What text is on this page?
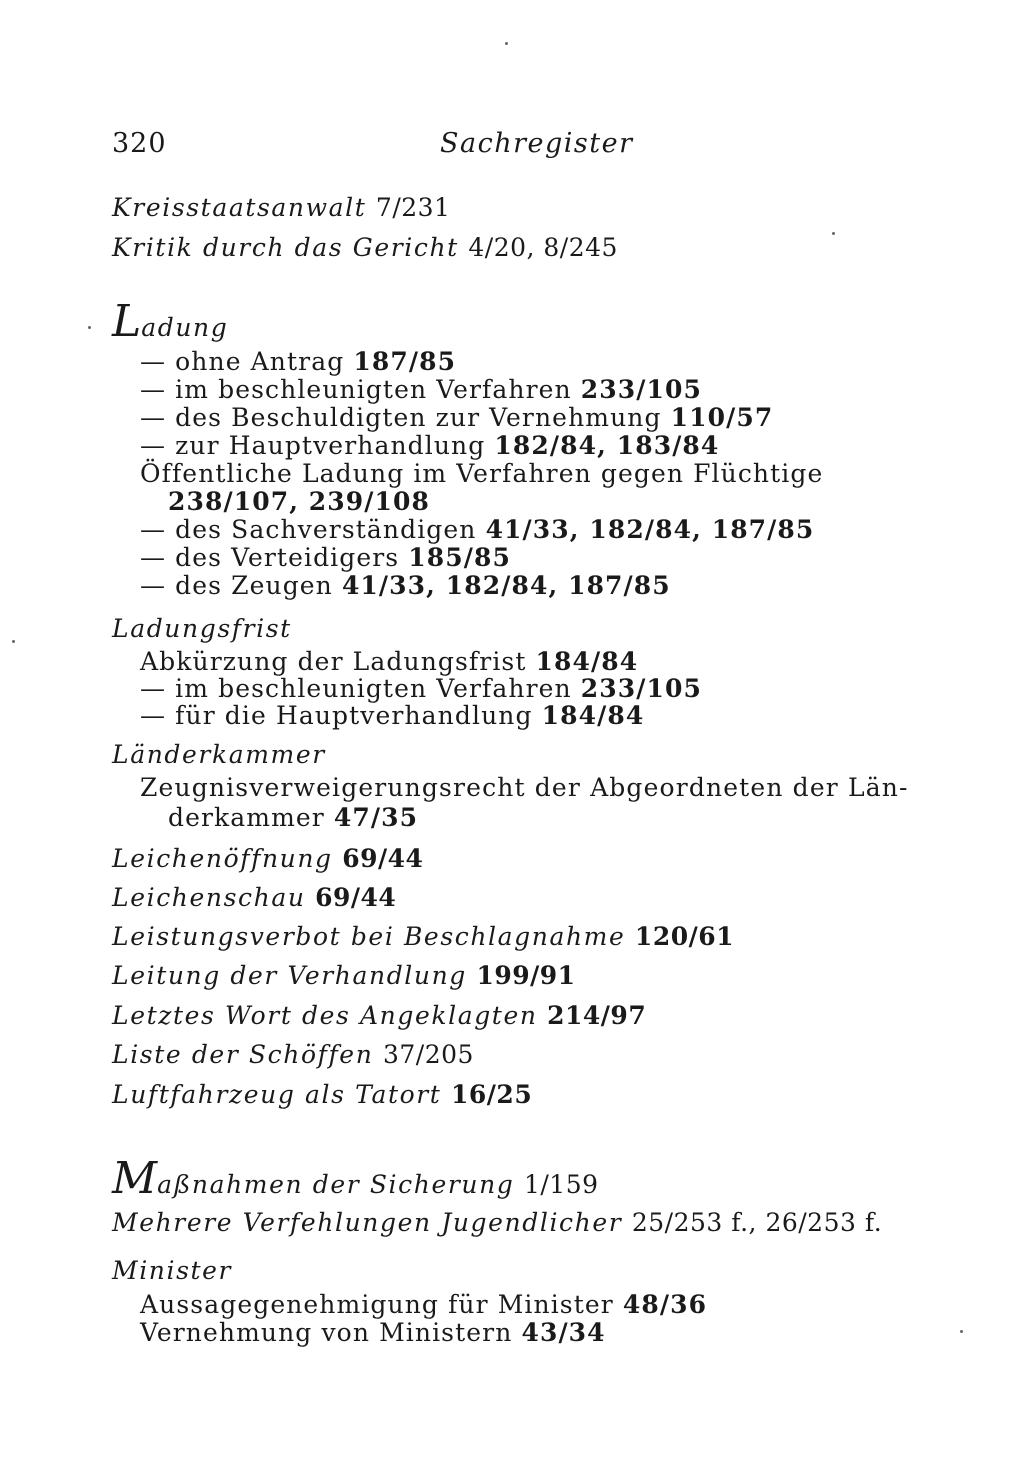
320	Sachregister
Kreisstaatsanwalt 7/231
Kritik durch das Gericht 4/20, 8/245
Ladung
— ohne Antrag 187/85
— im beschleunigten Verfahren 233/105
— des Beschuldigten zur Vernehmung 110/57
— zur Hauptverhandlung 182/84, 183/84
Öffentliche Ladung im Verfahren gegen Flüchtige
238/107, 239/108
— des Sachverständigen 41/33, 182/84, 187/85
— des Verteidigers 185/85
— des Zeugen 41/33, 182/84, 187/85
Ladungsfrist
Abkürzung der Ladungsfrist 184/84
— im beschleunigten Verfahren 233/105
— für die Hauptverhandlung 184/84
Länderkammer
Zeugnisverweigerungsrecht der Abgeordneten der Län-
derkammer 47/35
Leichenöffnung 69/44
Leichenschau 69/44
Leistungsverbot bei Beschlagnahme 120/61
Leitung der Verhandlung 199/91
Letztes Wort des Angeklagten 214/97
Liste der Schöffen 37/205
Luftfahrzeug als Tatort 16/25
Maßnahmen der Sicherung 1/159
Mehrere Verfehlungen Jugendlicher 25/253 f., 26/253 f.
Minister
Aussagegenehmigung für Minister 48/36
Vernehmung von Ministern 43/34
